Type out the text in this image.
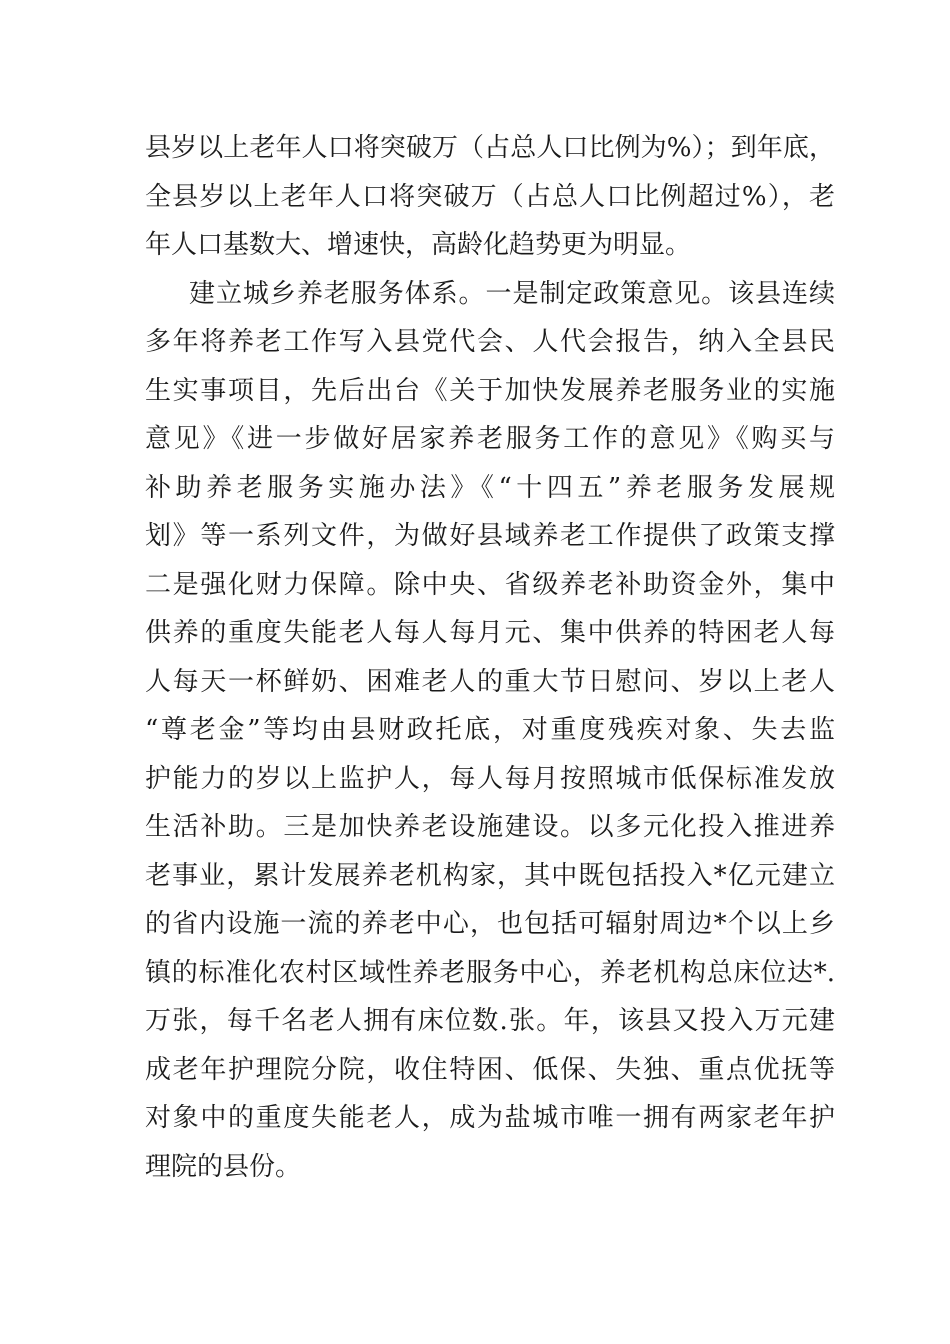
县岁以上老年人口将突破万（占总人口比例为%）；到年底，
全县岁以上老年人口将突破万（占总人口比例超过%），老
年人口基数大、增速快，高龄化趋势更为明显。
建立城乡养老服务体系。一是制定政策意见。该县连续
多年将养老工作写入县党代会、人代会报告，纳入全县民
生实事项目，先后出台《关于加快发展养老服务业的实施
意见》《进一步做好居家养老服务工作的意见》《购买与
补助养老服务实施办法》《“十四五”养老服务发展规
划》等一系列文件，为做好县域养老工作提供了政策支撑
二是强化财力保障。除中央、省级养老补助资金外，集中
供养的重度失能老人每人每月元、集中供养的特困老人每
人每天一杯鲜奶、困难老人的重大节日慰问、岁以上老人
“尊老金”等均由县财政托底，对重度残疾对象、失去监
护能力的岁以上监护人，每人每月按照城市低保标准发放
生活补助。三是加快养老设施建设。以多元化投入推进养
老事业，累计发展养老机构家，其中既包括投入*亿元建立
的省内设施一流的养老中心，也包括可辐射周边*个以上乡
镇的标准化农村区域性养老服务中心，养老机构总床位达*.
万张，每千名老人拥有床位数.张。年，该县又投入万元建
成老年护理院分院，收住特困、低保、失独、重点优抚等
对象中的重度失能老人，成为盐城市唯一拥有两家老年护
理院的县份。
